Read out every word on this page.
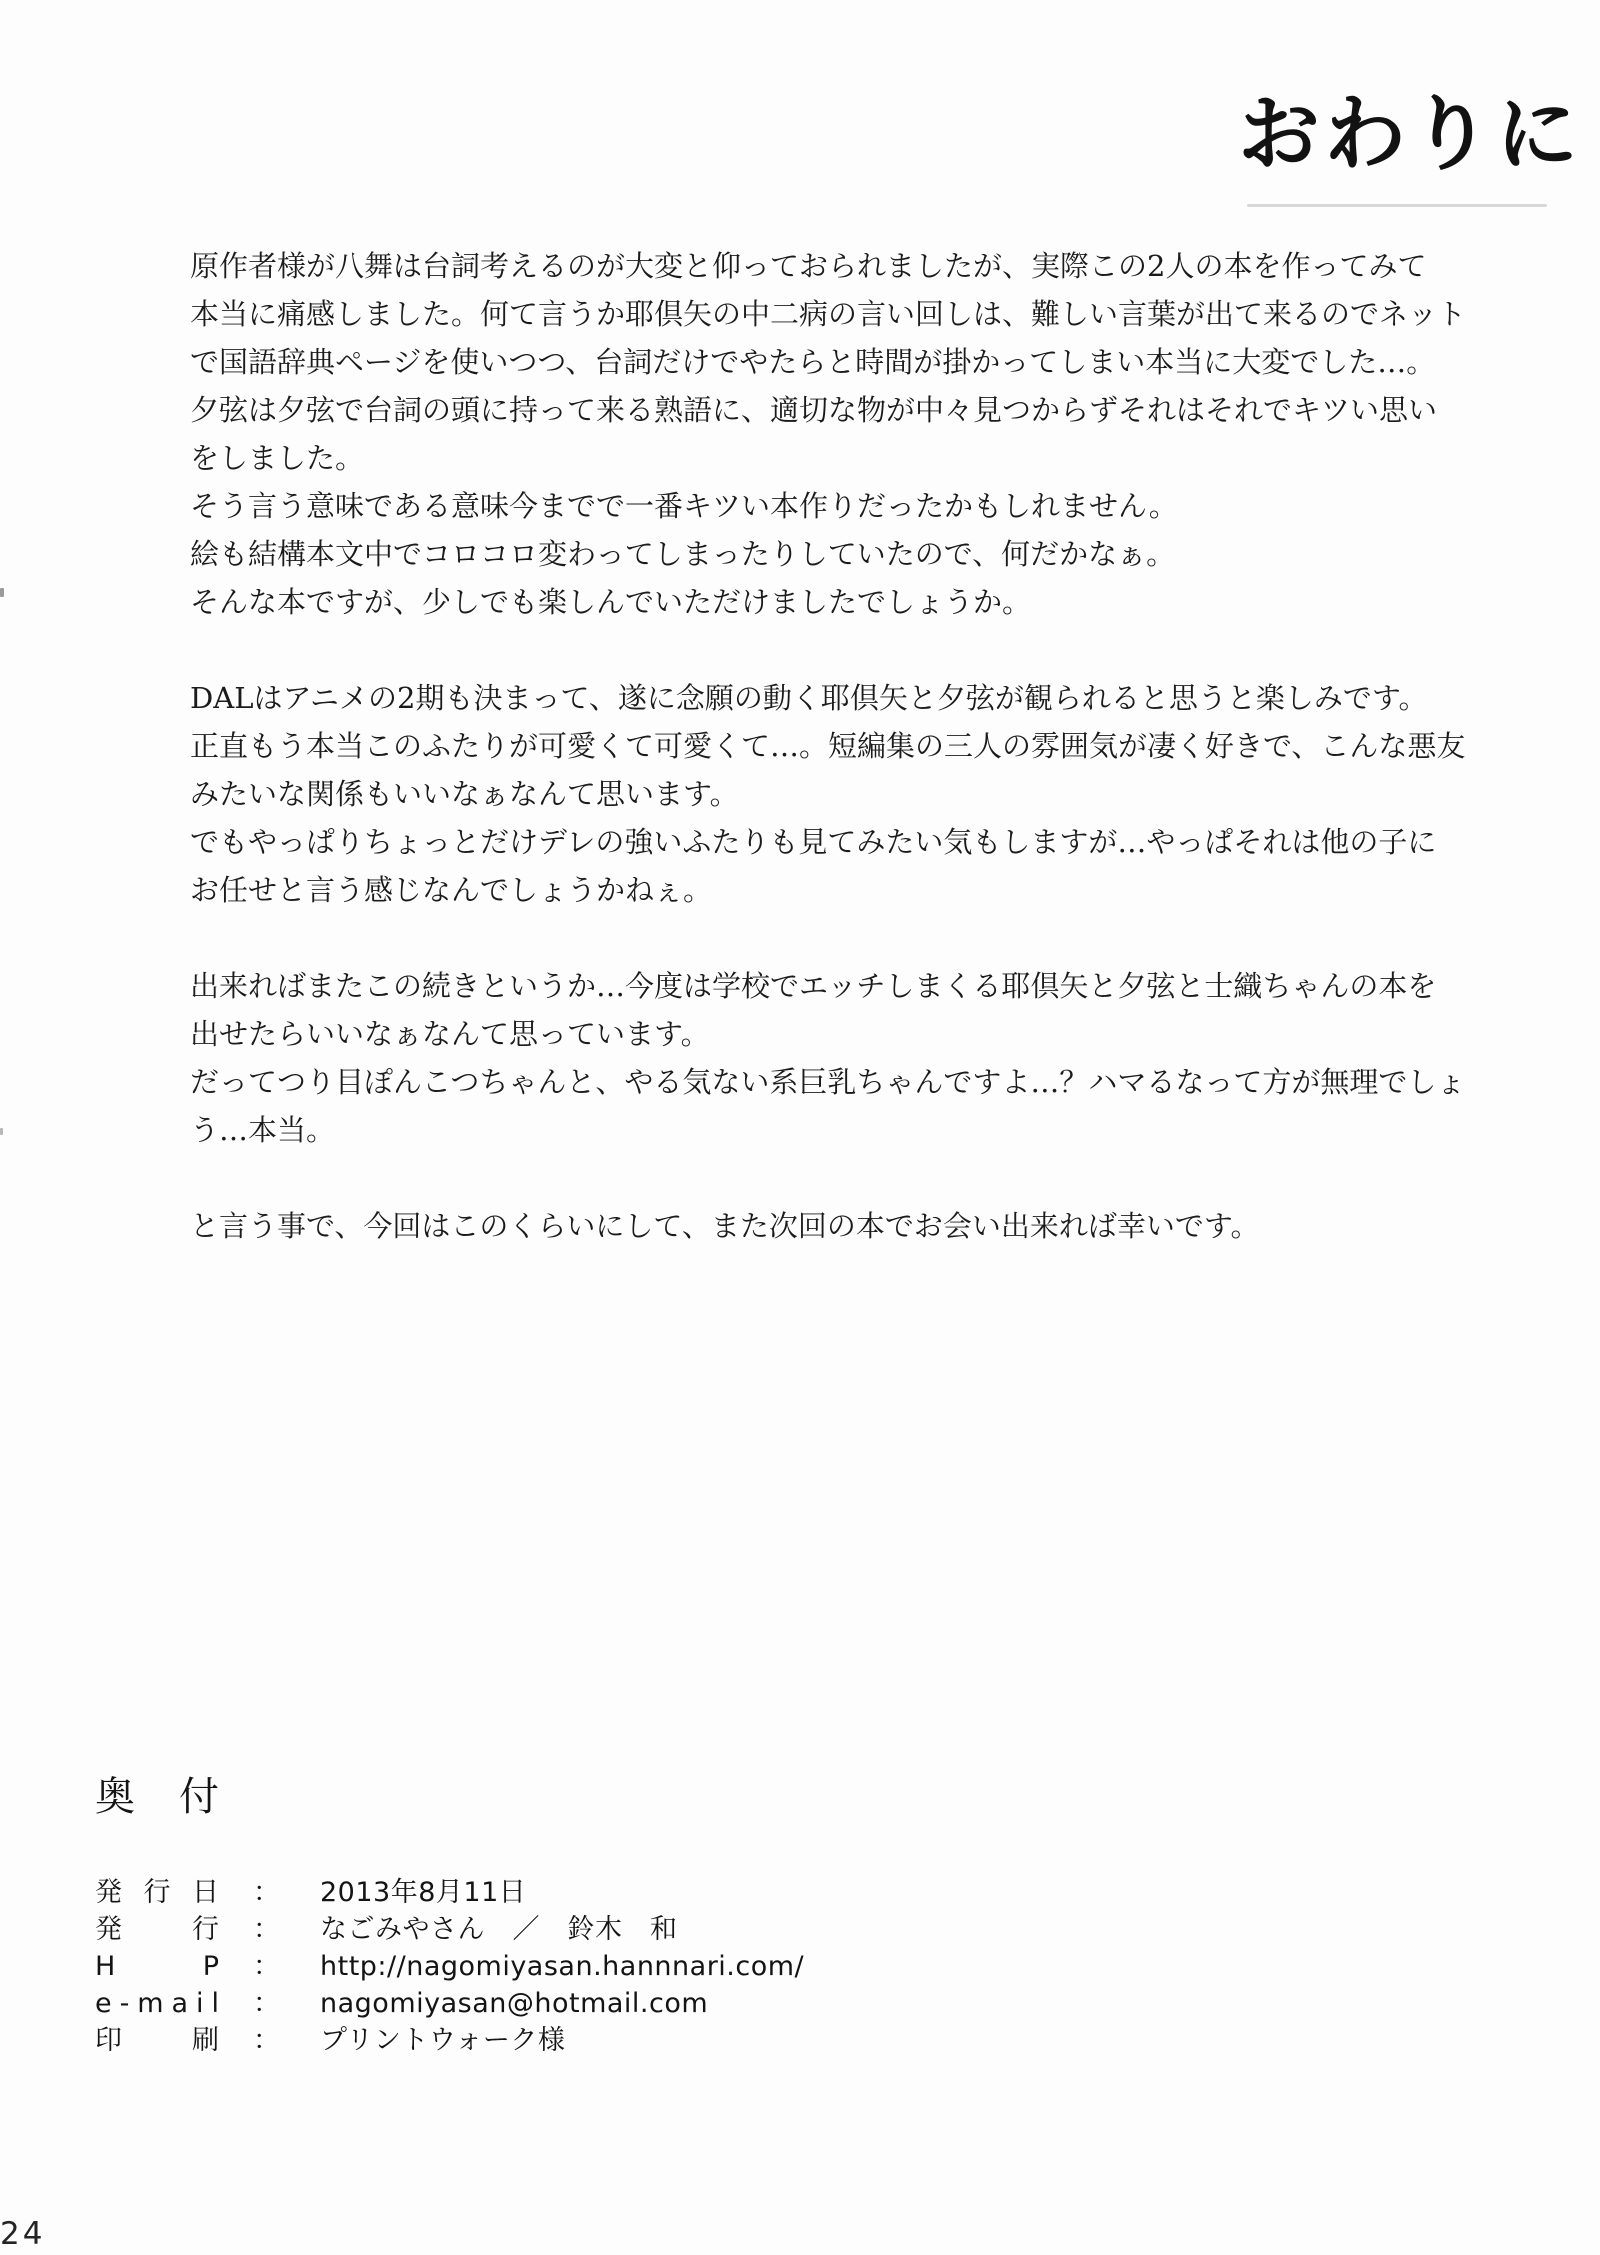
おわりに
原作者様が八舞は台詞考えるのが大変と仰っておられましたが、実際この2人の本を作ってみて
本当に痛感しました。何て言うか耶倶矢の中二病の言い回しは、難しい言葉が出て来るのでネット
で国語辞典ページを使いつつ、台詞だけでやたらと時間が掛かってしまい本当に大変でした…。
夕弦は夕弦で台詞の頭に持って来る熟語に、適切な物が中々見つからずそれはそれでキツい思い
をしました。
そう言う意味である意味今までで一番キツい本作りだったかもしれません。
絵も結構本文中でコロコロ変わってしまったりしていたので、何だかなぁ。
そんな本ですが、少しでも楽しんでいただけましたでしょうか。
DALはアニメの2期も決まって、遂に念願の動く耶倶矢と夕弦が観られると思うと楽しみです。
正直もう本当このふたりが可愛くて可愛くて…。短編集の三人の雰囲気が凄く好きで、こんな悪友
みたいな関係もいいなぁなんて思います。
でもやっぱりちょっとだけデレの強いふたりも見てみたい気もしますが…やっぱそれは他の子に
お任せと言う感じなんでしょうかねぇ。
出来ればまたこの続きというか…今度は学校でエッチしまくる耶倶矢と夕弦と士織ちゃんの本を
出せたらいいなぁなんて思っています。
だってつり目ぽんこつちゃんと、やる気ない系巨乳ちゃんですよ…？ハマるなって方が無理でしょ
う…本当。
と言う事で、今回はこのくらいにして、また次回の本でお会い出来れば幸いです。
奥　付
発 行 日 ： 2013年8月11日
発	行 ： なごみやさん　／　鈴木　和
H	P ： http://nagomiyasan.hannnari.com/
e - m a i l ： nagomiyasan@hotmail.com
印	刷 ： プリントウォーク様
24
